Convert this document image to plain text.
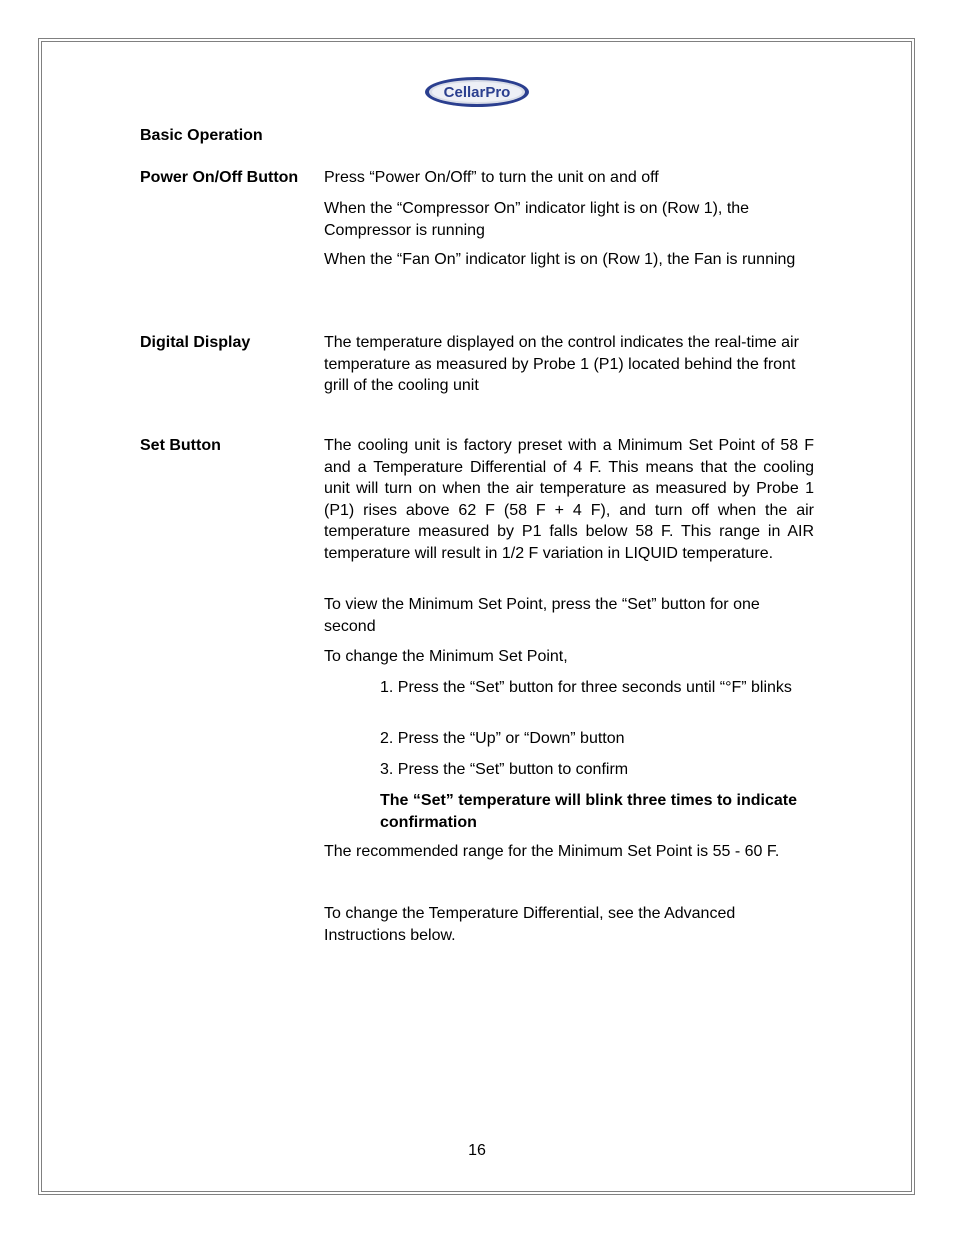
CellarPro
Basic Operation
Power On/Off Button Press “Power On/Off” to turn the unit on and off
When the “Compressor On” indicator light is on (Row 1), the Compressor is running
When the “Fan On” indicator light is on (Row 1), the Fan is running
Digital Display	The temperature displayed on the control indicates the real-time air temperature as measured by Probe 1 (P1) located behind the front grill of the cooling unit
Set Button	The cooling unit is factory preset with a Minimum Set Point of 58 F and a Temperature Differential of 4 F. This means that the cooling unit will turn on when the air temperature as measured by Probe 1 (P1) rises above 62 F (58 F + 4 F), and turn off when the air temperature measured by P1 falls below 58 F. This range in AIR temperature will result in 1/2 F variation in LIQUID temperature.
To view the Minimum Set Point, press the “Set” button for one second
To change the Minimum Set Point,
1. Press the “Set” button for three seconds until “°F” blinks
2. Press the “Up” or “Down” button
3. Press the “Set” button to confirm
The “Set” temperature will blink three times to indicate confirmation
The recommended range for the Minimum Set Point is 55 - 60 F.
To change the Temperature Differential, see the Advanced Instructions below.
16
